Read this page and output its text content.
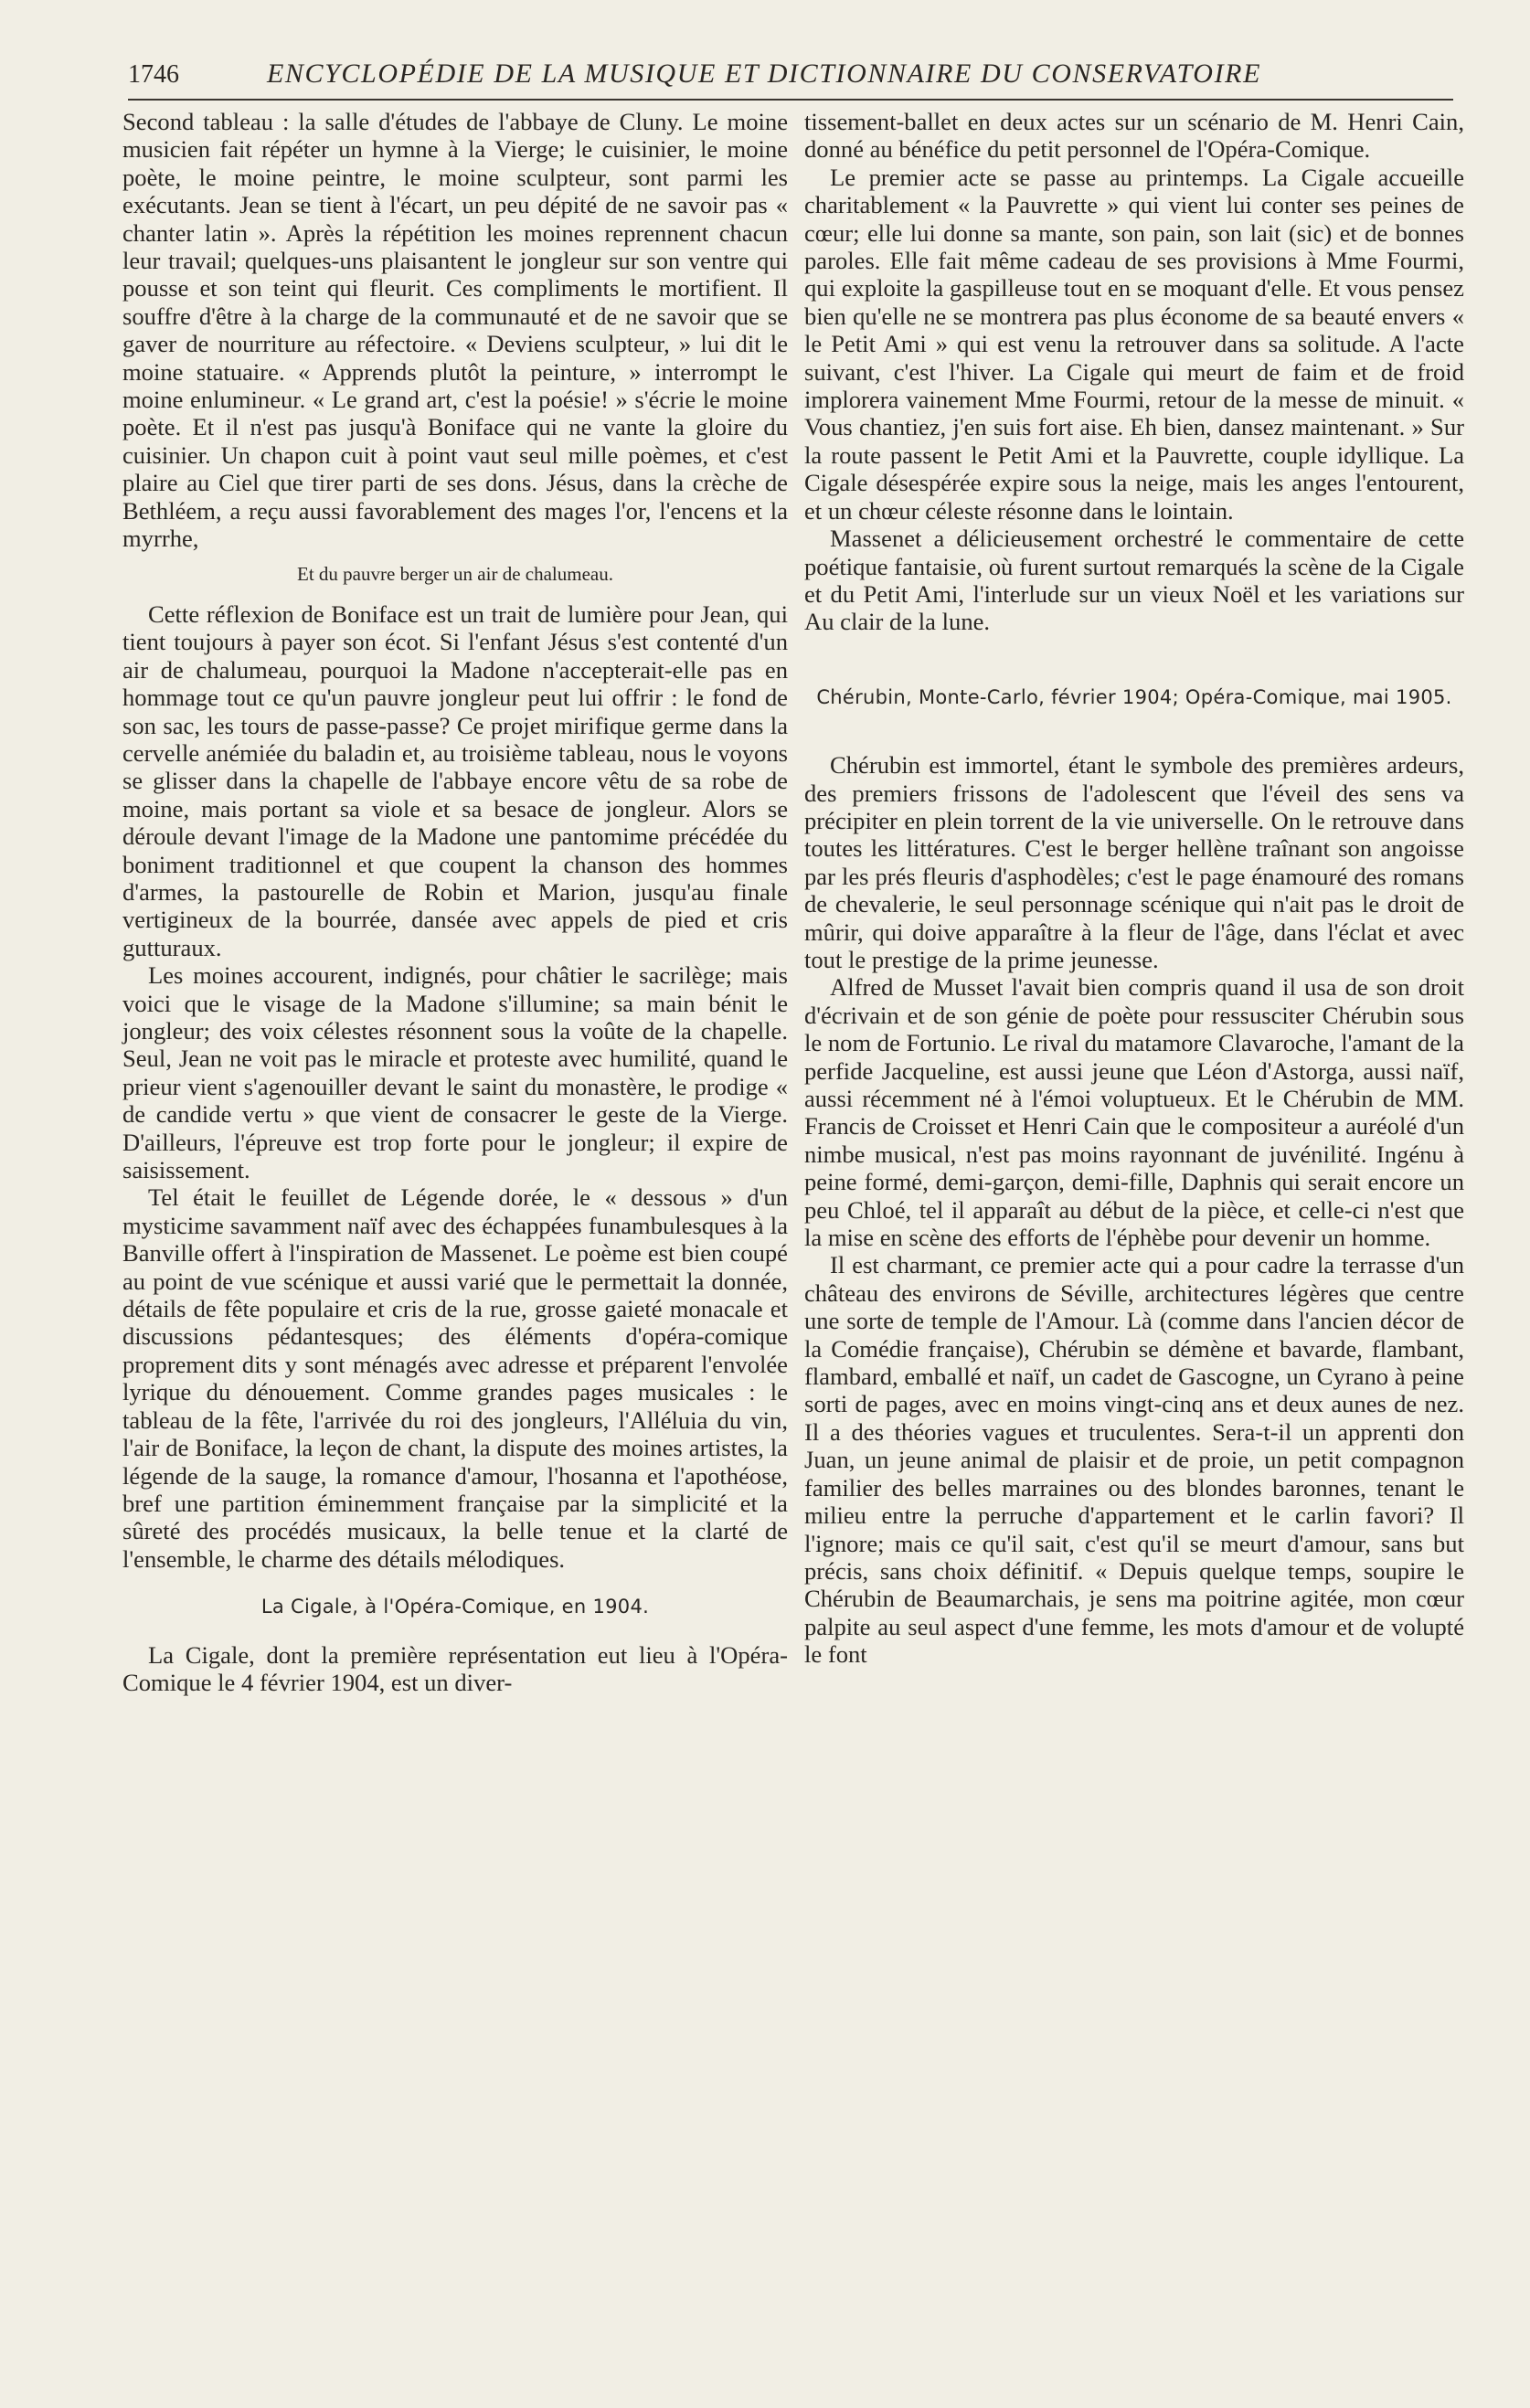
1746	ENCYCLOPÉDIE DE LA MUSIQUE ET DICTIONNAIRE DU CONSERVATOIRE

Second tableau : la salle d'études de l'abbaye de Cluny. Le moine musicien fait répéter un hymne à la Vierge; le cuisinier, le moine poète, le moine peintre, le moine sculpteur, sont parmi les exécutants. Jean se tient à l'écart, un peu dépité de ne savoir pas « chanter latin ». Après la répétition les moines reprennent chacun leur travail; quelques-uns plaisantent le jongleur sur son ventre qui pousse et son teint qui fleurit. Ces compliments le mortifient. Il souffre d'être à la charge de la communauté et de ne savoir que se gaver de nourriture au réfectoire. « Deviens sculpteur, » lui dit le moine statuaire. « Apprends plutôt la peinture, » interrompt le moine enlumineur. « Le grand art, c'est la poésie! » s'écrie le moine poète. Et il n'est pas jusqu'à Boniface qui ne vante la gloire du cuisinier. Un chapon cuit à point vaut seul mille poèmes, et c'est plaire au Ciel que tirer parti de ses dons. Jésus, dans la crèche de Bethléem, a reçu aussi favorablement des mages l'or, l'encens et la myrrhe,

Et du pauvre berger un air de chalumeau.

Cette réflexion de Boniface est un trait de lumière pour Jean, qui tient toujours à payer son écot. Si l'enfant Jésus s'est contenté d'un air de chalumeau, pourquoi la Madone n'accepterait-elle pas en hommage tout ce qu'un pauvre jongleur peut lui offrir : le fond de son sac, les tours de passe-passe? Ce projet mirifique germe dans la cervelle anémiée du baladin et, au troisième tableau, nous le voyons se glisser dans la chapelle de l'abbaye encore vêtu de sa robe de moine, mais portant sa viole et sa besace de jongleur. Alors se déroule devant l'image de la Madone une pantomime précédée du boniment traditionnel et que coupent la chanson des hommes d'armes, la pastourelle de Robin et Marion, jusqu'au finale vertigineux de la bourrée, dansée avec appels de pied et cris gutturaux.

Les moines accourent, indignés, pour châtier le sacrilège; mais voici que le visage de la Madone s'illumine; sa main bénit le jongleur; des voix célestes résonnent sous la voûte de la chapelle. Seul, Jean ne voit pas le miracle et proteste avec humilité, quand le prieur vient s'agenouiller devant le saint du monastère, le prodige « de candide vertu » que vient de consacrer le geste de la Vierge. D'ailleurs, l'épreuve est trop forte pour le jongleur; il expire de saisissement.

Tel était le feuillet de Légende dorée, le « dessous » d'un mysticime savamment naïf avec des échappées funambulesques à la Banville offert à l'inspiration de Massenet. Le poème est bien coupé au point de vue scénique et aussi varié que le permettait la donnée, détails de fête populaire et cris de la rue, grosse gaieté monacale et discussions pédantesques; des éléments d'opéra-comique proprement dits y sont ménagés avec adresse et préparent l'envolée lyrique du dénouement. Comme grandes pages musicales : le tableau de la fête, l'arrivée du roi des jongleurs, l'Alléluia du vin, l'air de Boniface, la leçon de chant, la dispute des moines artistes, la légende de la sauge, la romance d'amour, l'hosanna et l'apothéose, bref une partition éminemment française par la simplicité et la sûreté des procédés musicaux, la belle tenue et la clarté de l'ensemble, le charme des détails mélodiques.

La Cigale, à l'Opéra-Comique, en 1904.

La Cigale, dont la première représentation eut lieu à l'Opéra-Comique le 4 février 1904, est un diver-

tissement-ballet en deux actes sur un scénario de M. Henri Cain, donné au bénéfice du petit personnel de l'Opéra-Comique.

Le premier acte se passe au printemps. La Cigale accueille charitablement « la Pauvrette » qui vient lui conter ses peines de cœur; elle lui donne sa mante, son pain, son lait (sic) et de bonnes paroles. Elle fait même cadeau de ses provisions à Mme Fourmi, qui exploite la gaspilleuse tout en se moquant d'elle. Et vous pensez bien qu'elle ne se montrera pas plus économe de sa beauté envers « le Petit Ami » qui est venu la retrouver dans sa solitude. A l'acte suivant, c'est l'hiver. La Cigale qui meurt de faim et de froid implorera vainement Mme Fourmi, retour de la messe de minuit. « Vous chantiez, j'en suis fort aise. Eh bien, dansez maintenant. » Sur la route passent le Petit Ami et la Pauvrette, couple idyllique. La Cigale désespérée expire sous la neige, mais les anges l'entourent, et un chœur céleste résonne dans le lointain.

Massenet a délicieusement orchestré le commentaire de cette poétique fantaisie, où furent surtout remarqués la scène de la Cigale et du Petit Ami, l'interlude sur un vieux Noël et les variations sur Au clair de la lune.

Chérubin, Monte-Carlo, février 1904; Opéra-Comique, mai 1905.

Chérubin est immortel, étant le symbole des premières ardeurs, des premiers frissons de l'adolescent que l'éveil des sens va précipiter en plein torrent de la vie universelle. On le retrouve dans toutes les littératures. C'est le berger hellène traînant son angoisse par les prés fleuris d'asphodèles; c'est le page énamouré des romans de chevalerie, le seul personnage scénique qui n'ait pas le droit de mûrir, qui doive apparaître à la fleur de l'âge, dans l'éclat et avec tout le prestige de la prime jeunesse.

Alfred de Musset l'avait bien compris quand il usa de son droit d'écrivain et de son génie de poète pour ressusciter Chérubin sous le nom de Fortunio. Le rival du matamore Clavaroche, l'amant de la perfide Jacqueline, est aussi jeune que Léon d'Astorga, aussi naïf, aussi récemment né à l'émoi voluptueux. Et le Chérubin de MM. Francis de Croisset et Henri Cain que le compositeur a auréolé d'un nimbe musical, n'est pas moins rayonnant de juvénilité. Ingénu à peine formé, demi-garçon, demi-fille, Daphnis qui serait encore un peu Chloé, tel il apparaît au début de la pièce, et celle-ci n'est que la mise en scène des efforts de l'éphèbe pour devenir un homme.

Il est charmant, ce premier acte qui a pour cadre la terrasse d'un château des environs de Séville, architectures légères que centre une sorte de temple de l'Amour. Là (comme dans l'ancien décor de la Comédie française), Chérubin se démène et bavarde, flambant, flambard, emballé et naïf, un cadet de Gascogne, un Cyrano à peine sorti de pages, avec en moins vingt-cinq ans et deux aunes de nez. Il a des théories vagues et truculentes. Sera-t-il un apprenti don Juan, un jeune animal de plaisir et de proie, un petit compagnon familier des belles marraines ou des blondes baronnes, tenant le milieu entre la perruche d'appartement et le carlin favori? Il l'ignore; mais ce qu'il sait, c'est qu'il se meurt d'amour, sans but précis, sans choix définitif. « Depuis quelque temps, soupire le Chérubin de Beaumarchais, je sens ma poitrine agitée, mon cœur palpite au seul aspect d'une femme, les mots d'amour et de volupté le font
